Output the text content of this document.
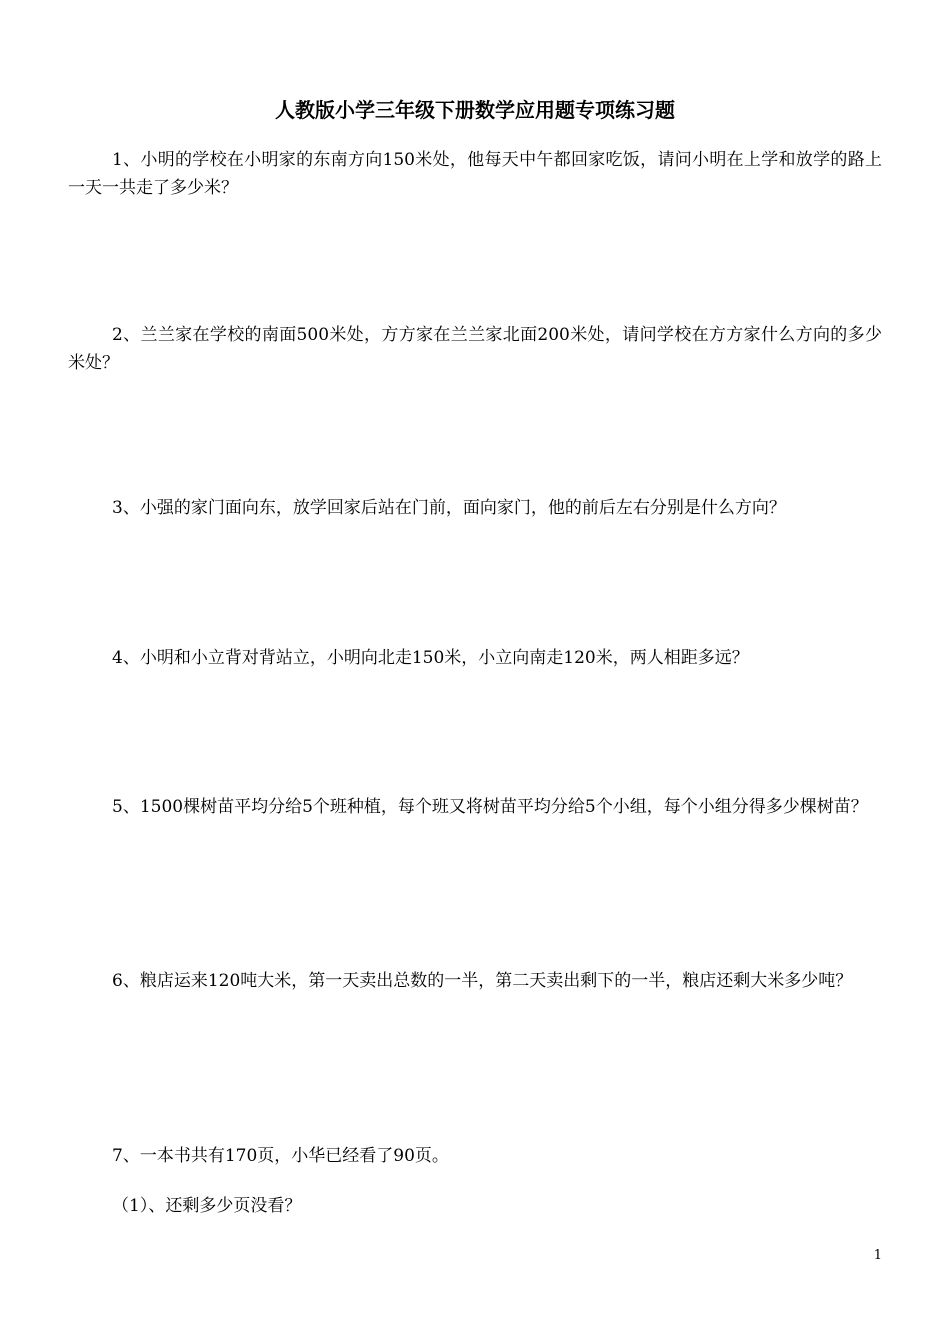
人教版小学三年级下册数学应用题专项练习题
1、小明的学校在小明家的东南方向150米处，他每天中午都回家吃饭，请问小明在上学和放学的路上一天一共走了多少米？
2、兰兰家在学校的南面500米处，方方家在兰兰家北面200米处，请问学校在方方家什么方向的多少米处？
3、小强的家门面向东，放学回家后站在门前，面向家门，他的前后左右分别是什么方向？
4、小明和小立背对背站立，小明向北走150米，小立向南走120米，两人相距多远？
5、1500棵树苗平均分给5个班种植，每个班又将树苗平均分给5个小组，每个小组分得多少棵树苗？
6、粮店运来120吨大米，第一天卖出总数的一半，第二天卖出剩下的一半，粮店还剩大米多少吨？
7、一本书共有170页，小华已经看了90页。
（1）、还剩多少页没看？
1
